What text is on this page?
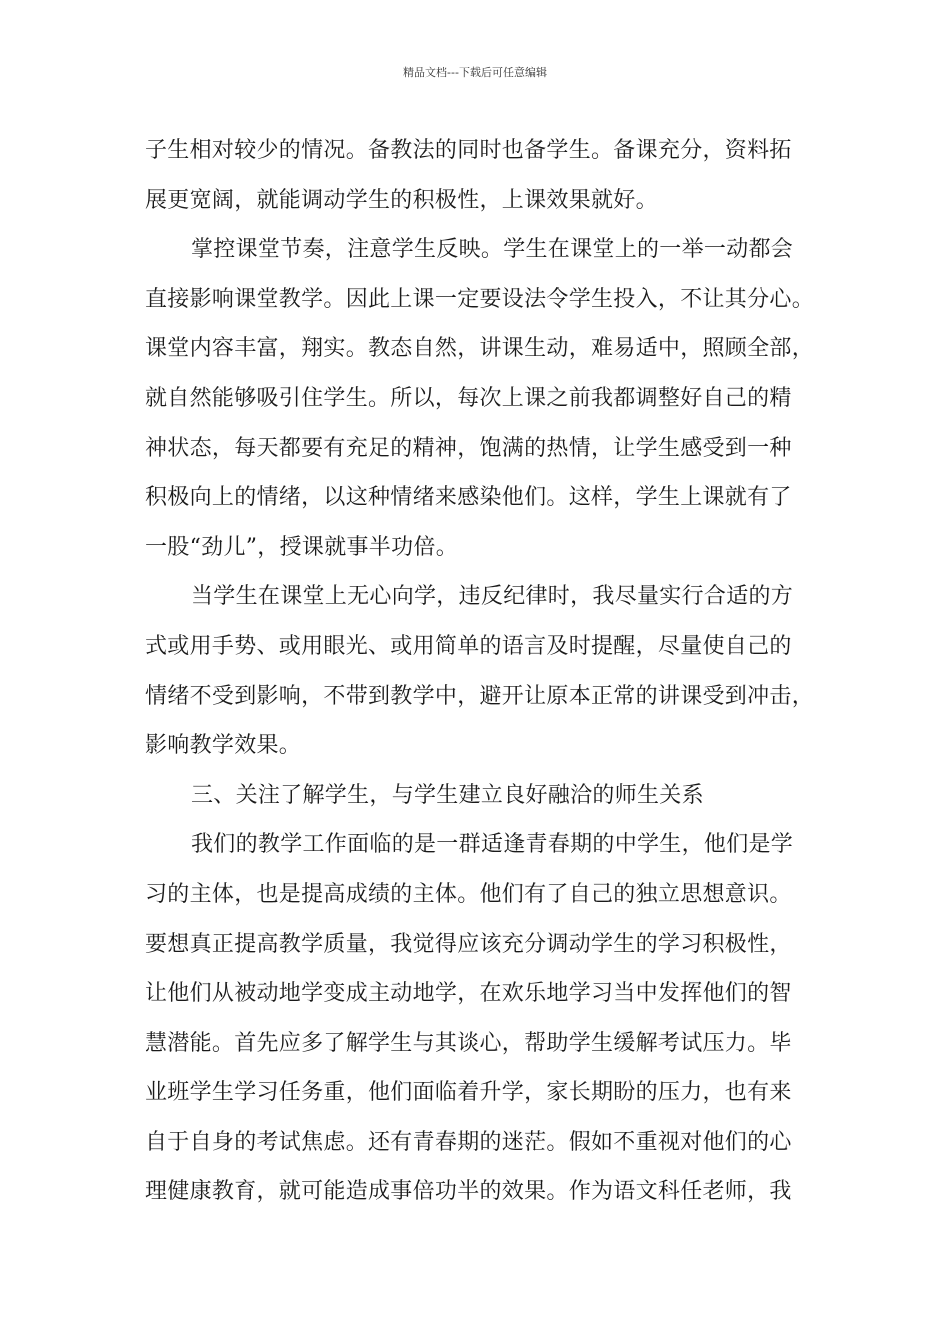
精品文档---下载后可任意编辑
子生相对较少的情况。备教法的同时也备学生。备课充分，资料拓
展更宽阔，就能调动学生的积极性，上课效果就好。
掌控课堂节奏，注意学生反映。学生在课堂上的一举一动都会
直接影响课堂教学。因此上课一定要设法令学生投入，不让其分心。
课堂内容丰富，翔实。教态自然，讲课生动，难易适中，照顾全部，
就自然能够吸引住学生。所以，每次上课之前我都调整好自己的精
神状态，每天都要有充足的精神，饱满的热情，让学生感受到一种
积极向上的情绪，以这种情绪来感染他们。这样，学生上课就有了
一股“劲儿”，授课就事半功倍。
当学生在课堂上无心向学，违反纪律时，我尽量实行合适的方
式或用手势、或用眼光、或用简单的语言及时提醒，尽量使自己的
情绪不受到影响，不带到教学中，避开让原本正常的讲课受到冲击，
影响教学效果。
三、关注了解学生，与学生建立良好融洽的师生关系
我们的教学工作面临的是一群适逢青春期的中学生，他们是学
习的主体，也是提高成绩的主体。他们有了自己的独立思想意识。
要想真正提高教学质量，我觉得应该充分调动学生的学习积极性，
让他们从被动地学变成主动地学，在欢乐地学习当中发挥他们的智
慧潜能。首先应多了解学生与其谈心，帮助学生缓解考试压力。毕
业班学生学习任务重，他们面临着升学，家长期盼的压力，也有来
自于自身的考试焦虑。还有青春期的迷茫。假如不重视对他们的心
理健康教育，就可能造成事倍功半的效果。作为语文科任老师，我
